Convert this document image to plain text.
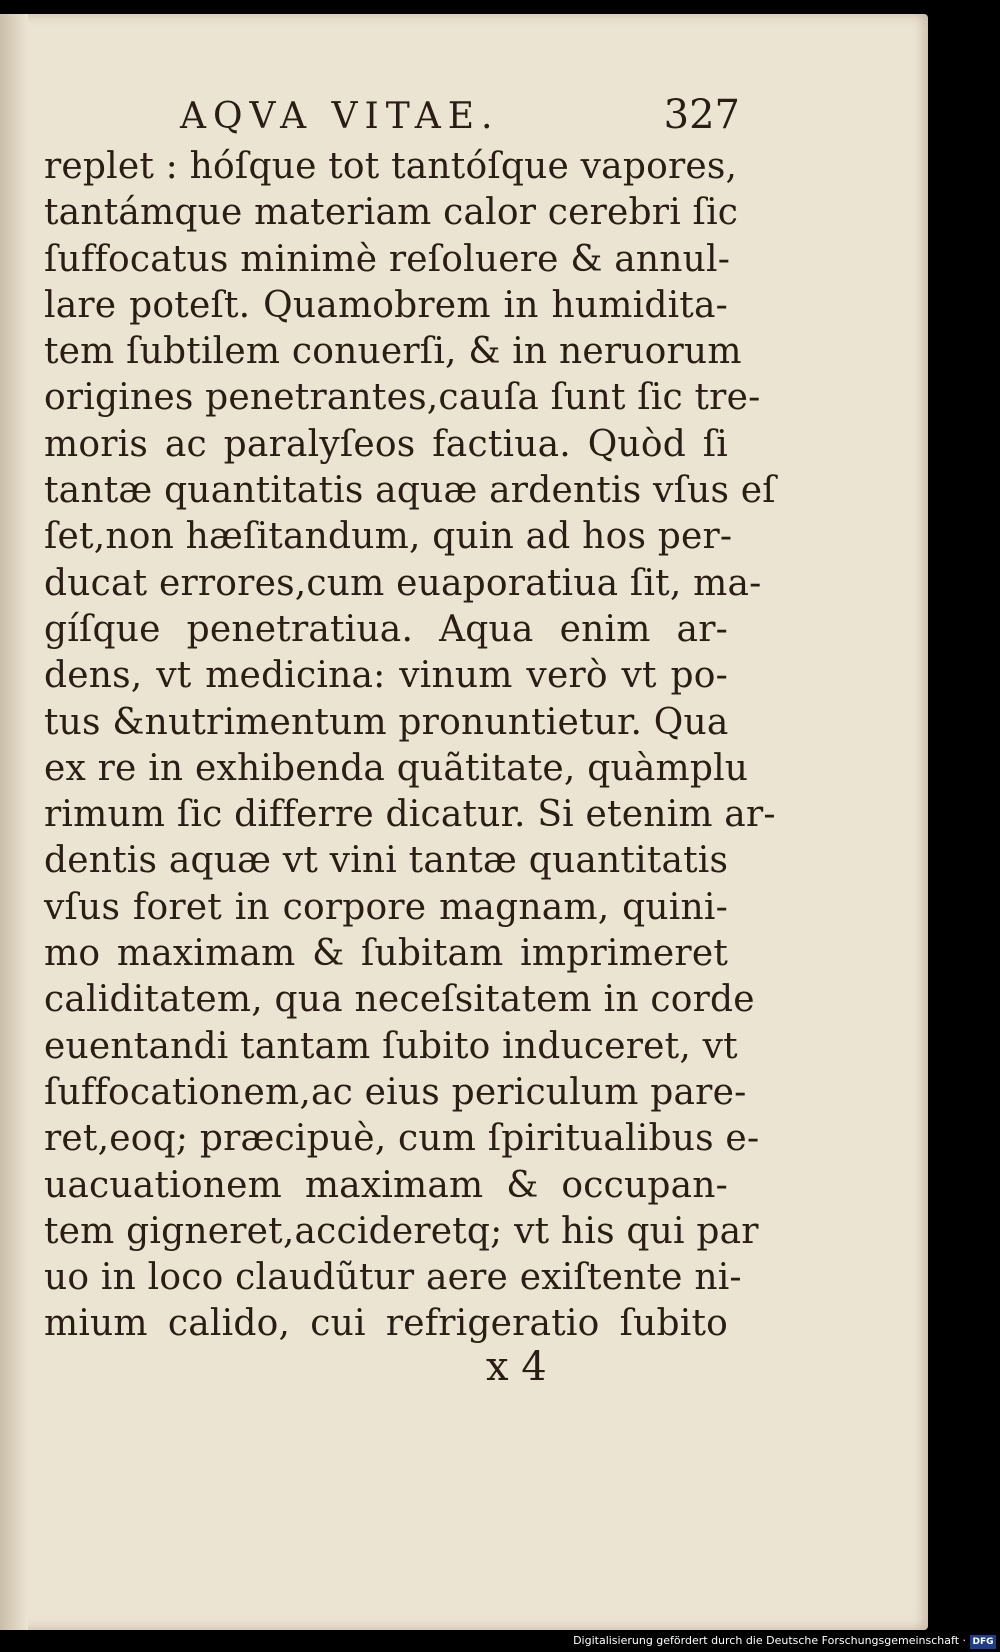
AQVA VITAE.	327
replet : hóſque tot tantóſque vapores,
tantámque materiam calor cerebri ſic
ſuffocatus minimè reſoluere & annul-
lare poteſt. Quamobrem in humidita-
tem ſubtilem conuerſi, & in neruorum
origines penetrantes,cauſa ſunt ſic tre-
moris ac paralyſeos factiua. Quòd ſi
tantæ quantitatis aquæ ardentis vſus eſ
ſet,non hæſitandum, quin ad hos per-
ducat errores,cum euaporatiua ſit, ma-
gíſque penetratiua. Aqua enim ar-
dens, vt medicina: vinum verò vt po-
tus &nutrimentum pronuntietur. Qua
ex re in exhibenda quãtitate, quàmplu
rimum ſic differre dicatur. Si etenim ar-
dentis aquæ vt vini tantæ quantitatis
vſus foret in corpore magnam, quini-
mo maximam & ſubitam imprimeret
caliditatem, qua neceſsitatem in corde
euentandi tantam ſubito induceret, vt
ſuffocationem,ac eius periculum pare-
ret,eoq; præcipuè, cum ſpiritualibus e-
uacuationem maximam & occupan-
tem gigneret,accideretq; vt his qui par
uo in loco claudũtur aere exiſtente ni-
mium calido, cui refrigeratio ſubito
x 4
Digitalisierung gefördert durch die Deutsche Forschungsgemeinschaft · DFG
